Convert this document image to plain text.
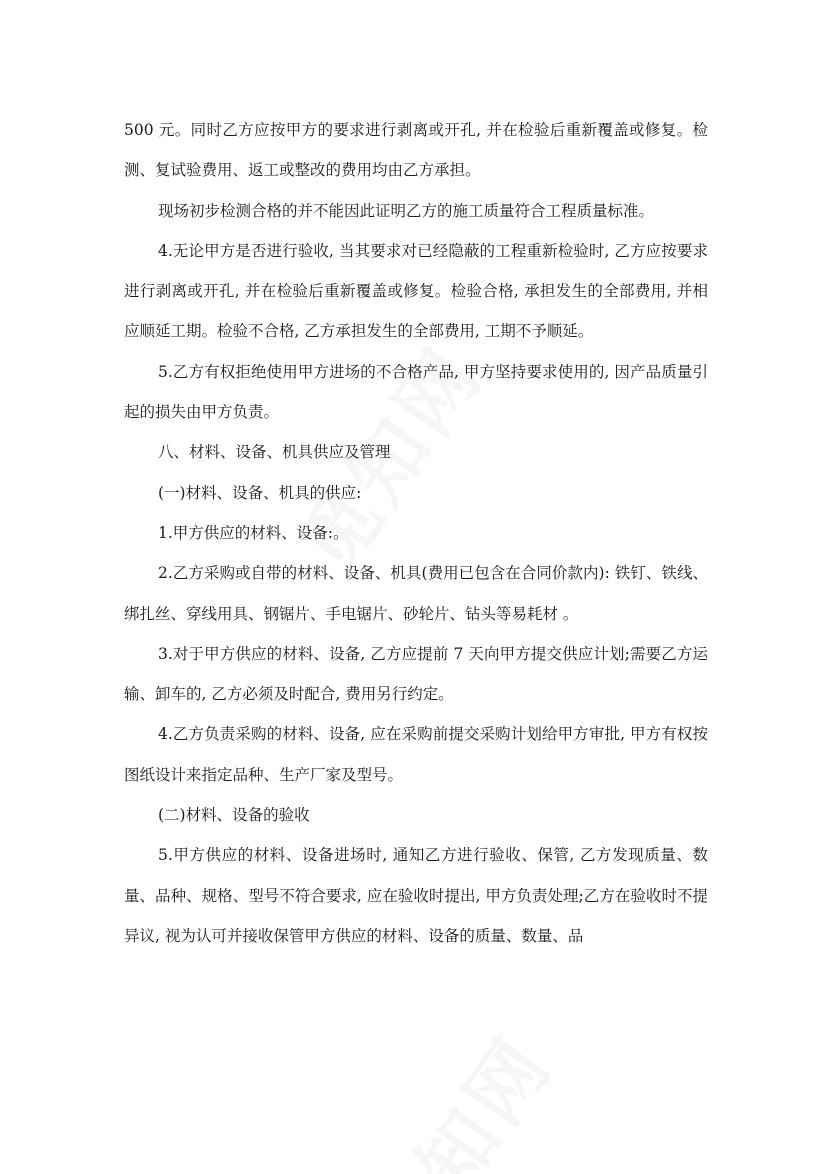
500 元。同时乙方应按甲方的要求进行剥离或开孔, 并在检验后重新覆盖或修复。检测、复试验费用、返工或整改的费用均由乙方承担。

现场初步检测合格的并不能因此证明乙方的施工质量符合工程质量标准。

4.无论甲方是否进行验收, 当其要求对已经隐蔽的工程重新检验时, 乙方应按要求进行剥离或开孔, 并在检验后重新覆盖或修复。检验合格, 承担发生的全部费用, 并相应顺延工期。检验不合格, 乙方承担发生的全部费用, 工期不予顺延。

5.乙方有权拒绝使用甲方进场的不合格产品, 甲方坚持要求使用的, 因产品质量引起的损失由甲方负责。

八、材料、设备、机具供应及管理

(一)材料、设备、机具的供应:

1.甲方供应的材料、设备:。

2.乙方采购或自带的材料、设备、机具(费用已包含在合同价款内): 铁钉、铁线、绑扎丝、穿线用具、钢锯片、手电锯片、砂轮片、钻头等易耗材 。

3.对于甲方供应的材料、设备, 乙方应提前 7 天向甲方提交供应计划;需要乙方运输、卸车的, 乙方必须及时配合, 费用另行约定。

4.乙方负责采购的材料、设备, 应在采购前提交采购计划给甲方审批, 甲方有权按图纸设计来指定品种、生产厂家及型号。

(二)材料、设备的验收

5.甲方供应的材料、设备进场时, 通知乙方进行验收、保管, 乙方发现质量、数量、品种、规格、型号不符合要求, 应在验收时提出, 甲方负责处理;乙方在验收时不提异议, 视为认可并接收保管甲方供应的材料、设备的质量、数量、品
